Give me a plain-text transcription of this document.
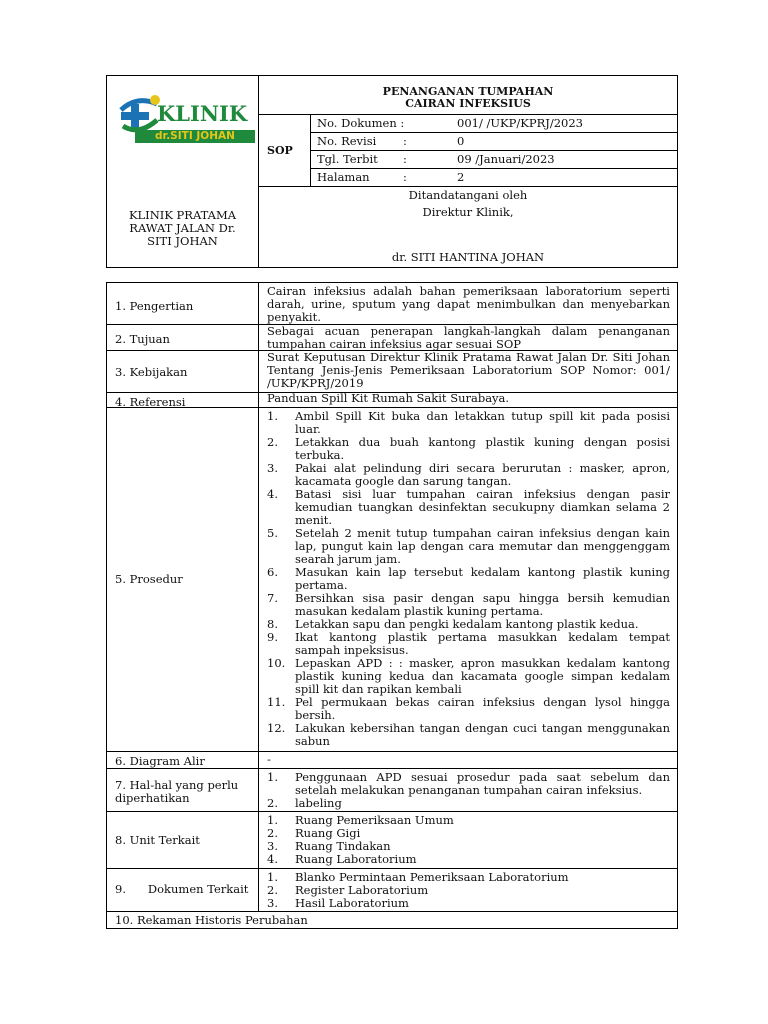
KLINIK
dr.SITI JOHAN
KLINIK PRATAMA
RAWAT JALAN Dr.
SITI JOHAN
PENANGANAN TUMPAHAN
CAIRAN INFEKSIUS
SOP
No. Dokumen :	001/ /UKP/KPRJ/2023
No. Revisi :	0
Tgl. Terbit :	09 /Januari/2023
Halaman	:	2
Ditandatangani oleh
Direktur Klinik,
dr. SITI HANTINA JOHAN
1. Pengertian
Cairan infeksius adalah bahan pemeriksaan laboratorium seperti darah, urine, sputum yang dapat menimbulkan dan menyebarkan penyakit.
2. Tujuan
Sebagai acuan penerapan langkah-langkah dalam penanganan tumpahan cairan infeksius agar sesuai SOP
3. Kebijakan
Surat Keputusan Direktur Klinik Pratama Rawat Jalan Dr. Siti Johan Tentang Jenis-Jenis Pemeriksaan Laboratorium SOP Nomor: 001/ /UKP/KPRJ/2019
4. Referensi	Panduan Spill Kit Rumah Sakit Surabaya.
5. Prosedur
1.	Ambil Spill Kit buka dan letakkan tutup spill kit pada posisi luar.
2.	Letakkan dua buah kantong plastik kuning dengan posisi terbuka.
3.	Pakai alat pelindung diri secara berurutan : masker, apron, kacamata google dan sarung tangan.
4.	Batasi sisi luar tumpahan cairan infeksius dengan pasir kemudian tuangkan desinfektan secukupny diamkan selama 2 menit.
5.	Setelah 2 menit tutup tumpahan cairan infeksius dengan kain lap, pungut kain lap dengan cara memutar dan menggenggam searah jarum jam.
6.	Masukan kain lap tersebut kedalam kantong plastik kuning pertama.
7.	Bersihkan sisa pasir dengan sapu hingga bersih kemudian masukan kedalam plastik kuning pertama.
8.	Letakkan sapu dan pengki kedalam kantong plastik kedua.
9.	Ikat kantong plastik pertama masukkan kedalam tempat sampah inpeksisus.
10. Lepaskan APD : : masker, apron masukkan kedalam kantong plastik kuning kedua dan kacamata google simpan kedalam spill kit dan rapikan kembali
11. Pel permukaan bekas cairan infeksius dengan lysol hingga bersih.
12. Lakukan kebersihan tangan dengan cuci tangan menggunakan sabun
6. Diagram Alir	-
7. Hal-hal yang perlu
diperhatikan
1.	Penggunaan APD sesuai prosedur pada saat sebelum dan setelah melakukan penanganan tumpahan cairan infeksius.
2.	labeling
8. Unit Terkait
1.	Ruang Pemeriksaan Umum
2.	Ruang Gigi
3.	Ruang Tindakan
4.	Ruang Laboratorium
9.      Dokumen Terkait
1.	Blanko Permintaan Pemeriksaan Laboratorium
2.	Register Laboratorium
3.	Hasil Laboratorium
10. Rekaman Historis Perubahan
